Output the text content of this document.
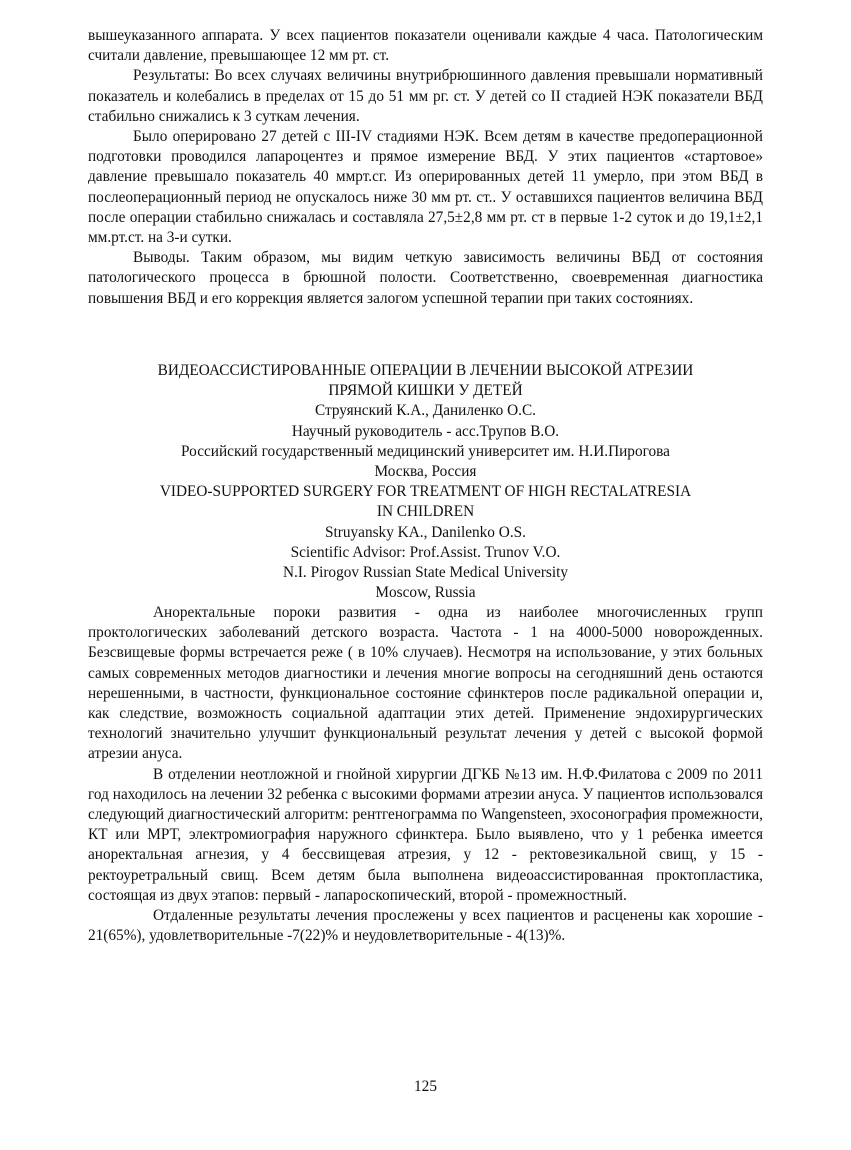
вышеуказанного аппарата. У всех пациентов показатели оценивали каждые 4 часа. Патологическим считали давление, превышающее 12 мм рт. ст.

Результаты: Во всех случаях величины внутрибрюшинного давления превышали нормативный показатель и колебались в пределах от 15 до 51 мм рг. ст. У детей со II стадией НЭК показатели ВБД стабильно снижались к 3 суткам лечения.

Было оперировано 27 детей с III-IV стадиями НЭК. Всем детям в качестве предоперационной подготовки проводился лапароцентез и прямое измерение ВБД. У этих пациентов «стартовое» давление превышало показатель 40 ммрт.сг. Из оперированных детей 11 умерло, при этом ВБД в послеоперационный период не опускалось ниже 30 мм рт. ст.. У оставшихся пациентов величина ВБД после операции стабильно снижалась и составляла 27,5±2,8 мм рт. ст в первые 1-2 суток и до 19,1±2,1 мм.рт.ст. на 3-и сутки.

Выводы. Таким образом, мы видим четкую зависимость величины ВБД от состояния патологического процесса в брюшной полости. Соответственно, своевременная диагностика повышения ВБД и его коррекция является залогом успешной терапии при таких состояниях.

ВИДЕОАССИСТИРОВАННЫЕ ОПЕРАЦИИ В ЛЕЧЕНИИ ВЫСОКОЙ АТРЕЗИИ
ПРЯМОЙ КИШКИ У ДЕТЕЙ

Струянский К.А., Даниленко О.С.

Научный руководитель - асс.Трупов В.О.

Российский государственный медицинский университет им. Н.И.Пирогова

Москва, Россия

VIDEO-SUPPORTED SURGERY FOR TREATMENT OF HIGH RECTALATRESIA
IN CHILDREN

Struyansky KA., Danilenko O.S.

Scientific Advisor: Prof.Assist. Trunov V.O.

N.I. Pirogov Russian State Medical University

Moscow, Russia

Аноректальные пороки развития - одна из наиболее многочисленных групп проктологических заболеваний детского возраста. Частота - 1 на 4000-5000 новорожденных. Безсвищевые формы встречается реже ( в 10% случаев). Несмотря на использование, у этих больных самых современных методов диагностики и лечения многие вопросы на сегодняшний день остаются нерешенными, в частности, функциональное состояние сфинктеров после радикальной операции и, как следствие, возможность социальной адаптации этих детей. Применение эндохирургических технологий значительно улучшит функциональный результат лечения у детей с высокой формой атрезии ануса.

В отделении неотложной и гнойной хирургии ДГКБ №13 им. Н.Ф.Филатова с 2009 по 2011 год находилось на лечении 32 ребенка с высокими формами атрезии ануса. У пациентов использовался следующий диагностический алгоритм: рентгенограмма по Wangensteen, эхосонография промежности, КТ или МРТ, электромиография наружного сфинктера. Было выявлено, что у 1 ребенка имеется аноректальная агнезия, у 4 бессвищевая атрезия, у 12 - ректовезикальной свищ, у 15 - ректоуретральный свищ. Всем детям была выполнена видеоассистированная проктопластика, состоящая из двух этапов: первый - лапароскопический, второй - промежностный.

Отдаленные результаты лечения прослежены у всех пациентов и расценены как хорошие - 21(65%), удовлетворительные -7(22)% и неудовлетворительные - 4(13)%.

125
